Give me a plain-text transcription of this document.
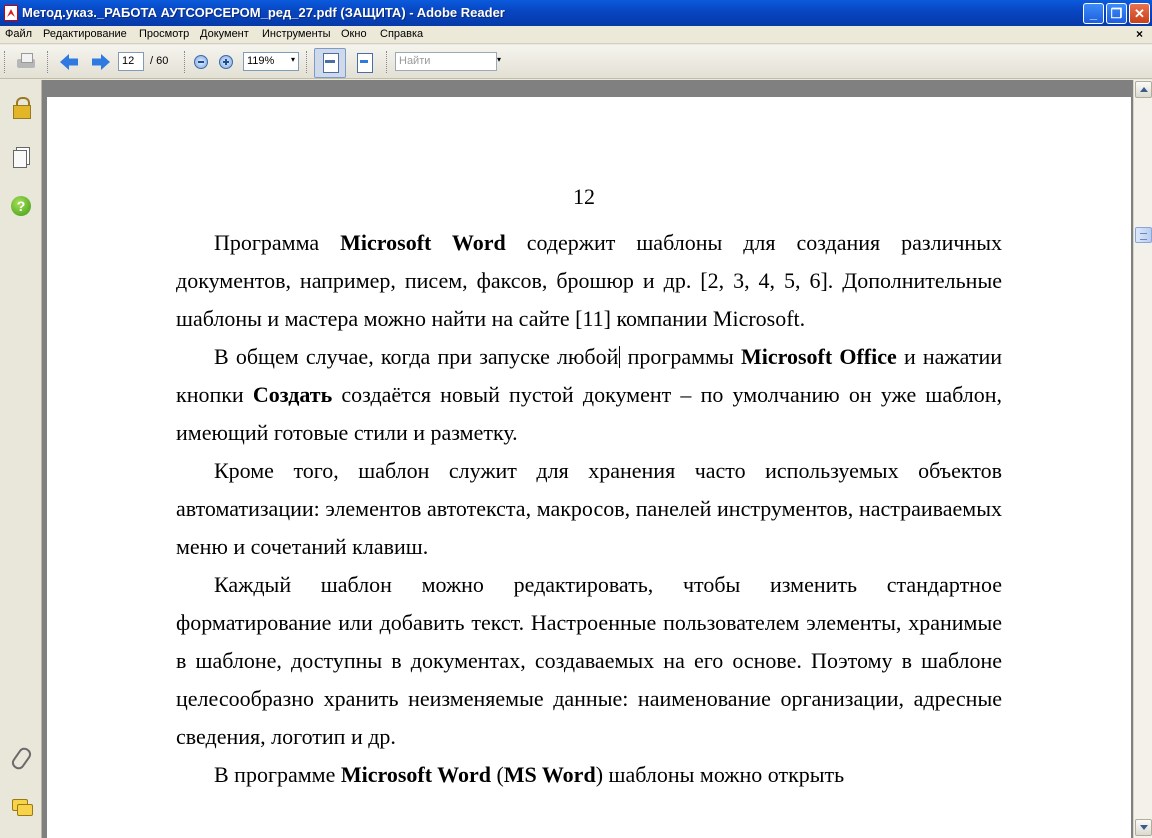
Метод.указ._РАБОТА АУТСОРСЕРОМ_ред_27.pdf (ЗАЩИТА) - Adobe Reader	_	❐ ✕
Файл Редактирование Просмотр Документ Инструменты Окно Справка	×
12	/ 60	119% ▾	Найти	▾
?	12

Программа Microsoft Word содержит шаблоны для создания различных документов, например, писем, факсов, брошюр и др. [2, 3, 4, 5, 6]. Дополнительные шаблоны и мастера можно найти на сайте [11] компании Microsoft.

В общем случае, когда при запуске любой программы Microsoft Office и нажатии кнопки Создать создаётся новый пустой документ – по умолчанию он уже шаблон, имеющий готовые стили и разметку.

Кроме того, шаблон служит для хранения часто используемых объектов автоматизации: элементов автотекста, макросов, панелей инструментов, настраиваемых меню и сочетаний клавиш.

Каждый шаблон можно редактировать, чтобы изменить стандартное форматирование или добавить текст. Настроенные пользователем элементы, хранимые в шаблоне, доступны в документах, создаваемых на его основе. Поэтому в шаблоне целесообразно хранить неизменяемые данные: наименование организации, адресные сведения, логотип и др.

В программе Microsoft Word (MS Word) шаблоны можно открыть
